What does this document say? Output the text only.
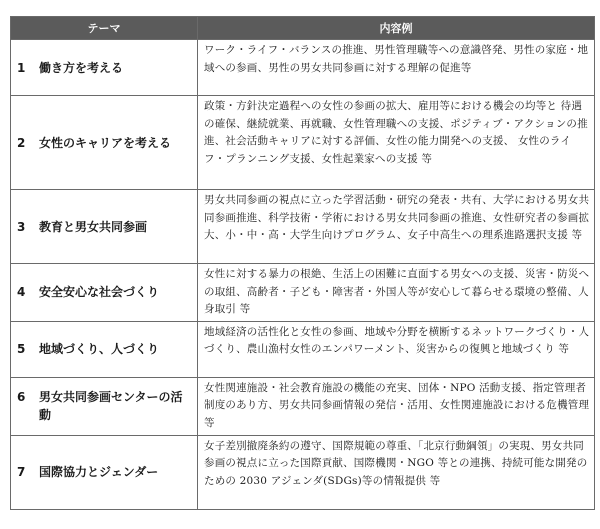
テーマ	内容例
1 働き方を考える	ワーク・ライフ・バランスの推進、男性管理職等への意識啓発、男性の家庭・地域への参画、男性の男女共同参画に対する理解の促進等
2 女性のキャリアを考える	政策・方針決定過程への女性の参画の拡大、雇用等における機会の均等と 待遇の確保、継続就業、再就職、女性管理職への支援、ポジティブ・アクションの推進、社会活動キャリアに対する評価、女性の能力開発への支援、 女性のライフ・プランニング支援、女性起業家への支援 等
3 教育と男女共同参画	男女共同参画の視点に立った学習活動・研究の発表・共有、大学における男女共同参画推進、科学技術・学術における男女共同参画の推進、女性研究者の参画拡大、小・中・高・大学生向けプログラム、女子中高生への理系進路選択支援 等
4 安全安心な社会づくり	女性に対する暴力の根絶、生活上の困難に直面する男女への支援、災害・防災への取組、高齢者・子ども・障害者・外国人等が安心して暮らせる環境の整備、人身取引 等
5 地域づくり、人づくり	地域経済の活性化と女性の参画、地域や分野を横断するネットワークづくり・人づくり、農山漁村女性のエンパワーメント、災害からの復興と地域づくり 等
6 男女共同参画センターの活動	女性関連施設・社会教育施設の機能の充実、団体・NPO 活動支援、指定管理者制度のあり方、男女共同参画情報の発信・活用、女性関連施設における危機管理 等
7 国際協力とジェンダー	女子差別撤廃条約の遵守、国際規範の尊重、「北京行動綱領」の実現、男女共同参画の視点に立った国際貢献、国際機関・NGO 等との連携、持続可能な開発のための 2030 アジェンダ(SDGs)等の情報提供 等
